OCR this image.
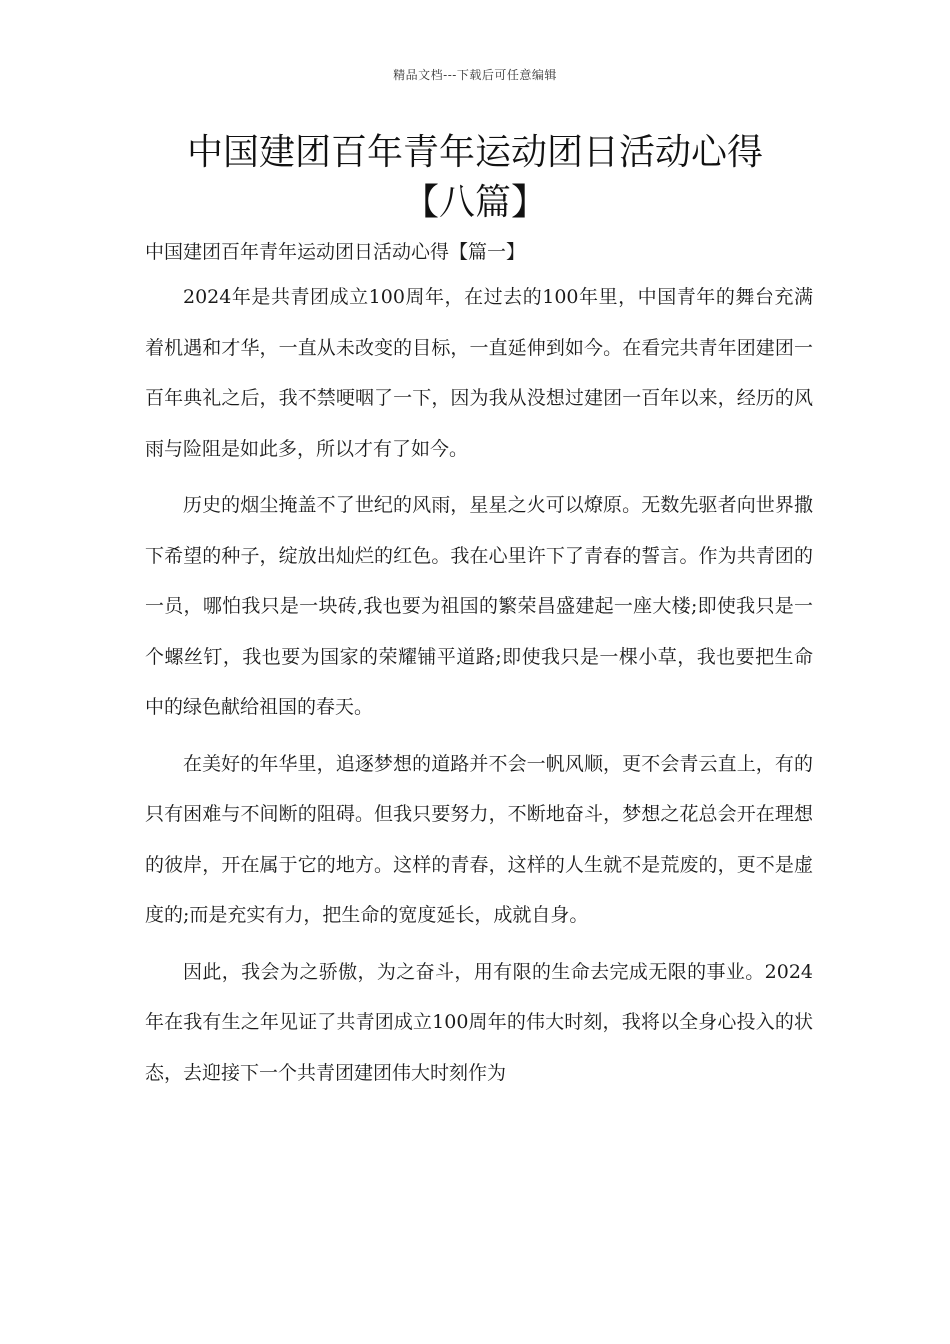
精品文档---下载后可任意编辑
中国建团百年青年运动团日活动心得
【八篇】
中国建团百年青年运动团日活动心得【篇一】

2024年是共青团成立100周年，在过去的100年里，中国青年的舞台充满着机遇和才华，一直从未改变的目标，一直延伸到如今。在看完共青年团建团一百年典礼之后，我不禁哽咽了一下，因为我从没想过建团一百年以来，经历的风雨与险阻是如此多，所以才有了如今。

历史的烟尘掩盖不了世纪的风雨，星星之火可以燎原。无数先驱者向世界撒下希望的种子，绽放出灿烂的红色。我在心里许下了青春的誓言。作为共青团的一员，哪怕我只是一块砖,我也要为祖国的繁荣昌盛建起一座大楼;即使我只是一个螺丝钉，我也要为国家的荣耀铺平道路;即使我只是一棵小草，我也要把生命中的绿色献给祖国的春天。

在美好的年华里，追逐梦想的道路并不会一帆风顺，更不会青云直上，有的只有困难与不间断的阻碍。但我只要努力，不断地奋斗，梦想之花总会开在理想的彼岸，开在属于它的地方。这样的青春，这样的人生就不是荒废的，更不是虚度的;而是充实有力，把生命的宽度延长，成就自身。

因此，我会为之骄傲，为之奋斗，用有限的生命去完成无限的事业。2024年在我有生之年见证了共青团成立100周年的伟大时刻，我将以全身心投入的状态，去迎接下一个共青团建团伟大时刻作为
